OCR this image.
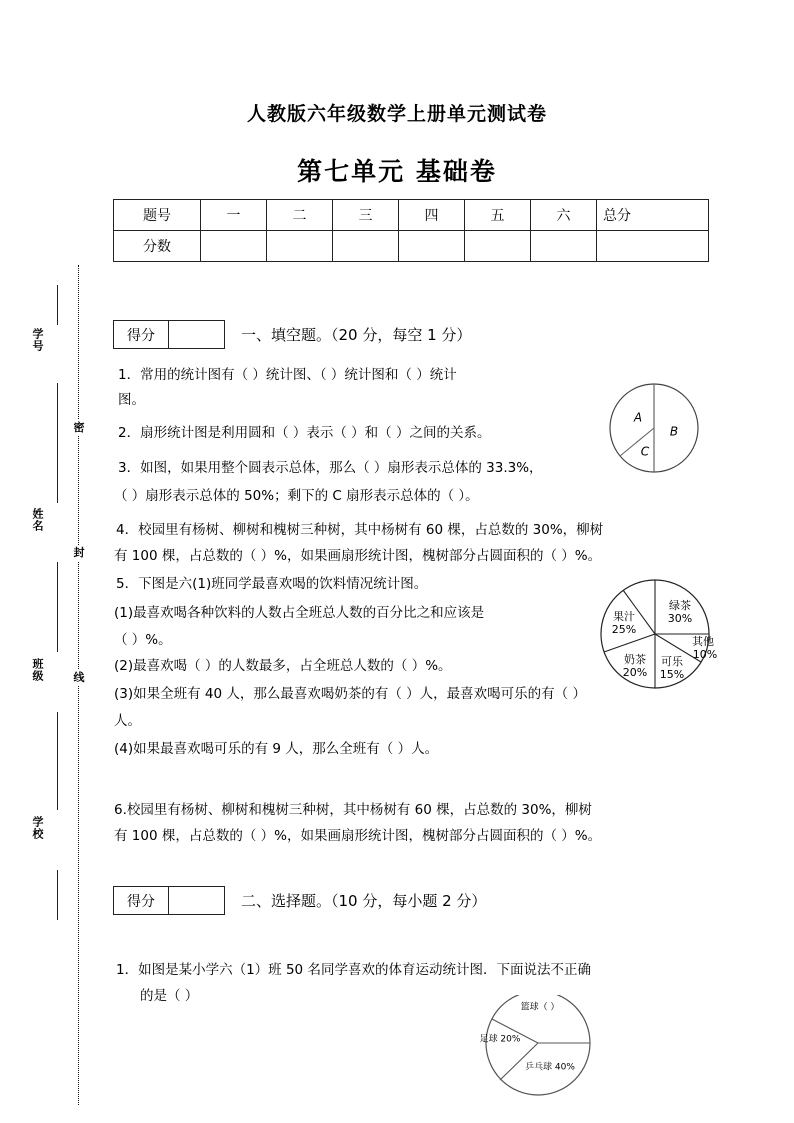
密
封
线
学号
姓名
班级
学校
人教版六年级数学上册单元测试卷
第七单元 基础卷
题号	一	二	三	四	五	六	总分
分数							
得分	一、填空题。（20 分，每空 1 分）
1．常用的统计图有（ ）统计图、（ ）统计图和（ ）统计
图。
2．扇形统计图是利用圆和（ ）表示（ ）和（ ）之间的关系。
3．如图，如果用整个圆表示总体，那么（ ）扇形表示总体的 33.3%，
（ ）扇形表示总体的 50%；剩下的 C 扇形表示总体的（ ）。
4．校园里有杨树、柳树和槐树三种树，其中杨树有 60 棵，占总数的 30%，柳树
有 100 棵，占总数的（ ）%，如果画扇形统计图，槐树部分占圆面积的（ ）%。
5．下图是六(1)班同学最喜欢喝的饮料情况统计图。
(1)最喜欢喝各种饮料的人数占全班总人数的百分比之和应该是
（ ）%。
(2)最喜欢喝（ ）的人数最多，占全班总人数的（ ）%。
(3)如果全班有 40 人，那么最喜欢喝奶茶的有（ ）人，最喜欢喝可乐的有（ ）
人。
(4)如果最喜欢喝可乐的有 9 人，那么全班有（ ）人。
6.校园里有杨树、柳树和槐树三种树，其中杨树有 60 棵，占总数的 30%，柳树
有 100 棵，占总数的（ ）%，如果画扇形统计图，槐树部分占圆面积的（ ）%。
得分	二、选择题。（10 分，每小题 2 分）
1．如图是某小学六（1）班 50 名同学喜欢的体育运动统计图．下面说法不正确
的是（ ）
A
B
C
绿茶
30%
其他
10%
可乐
15%
奶茶
20%
果汁
25%
篮球（ ）
乒乓球 40%
足球 20%
